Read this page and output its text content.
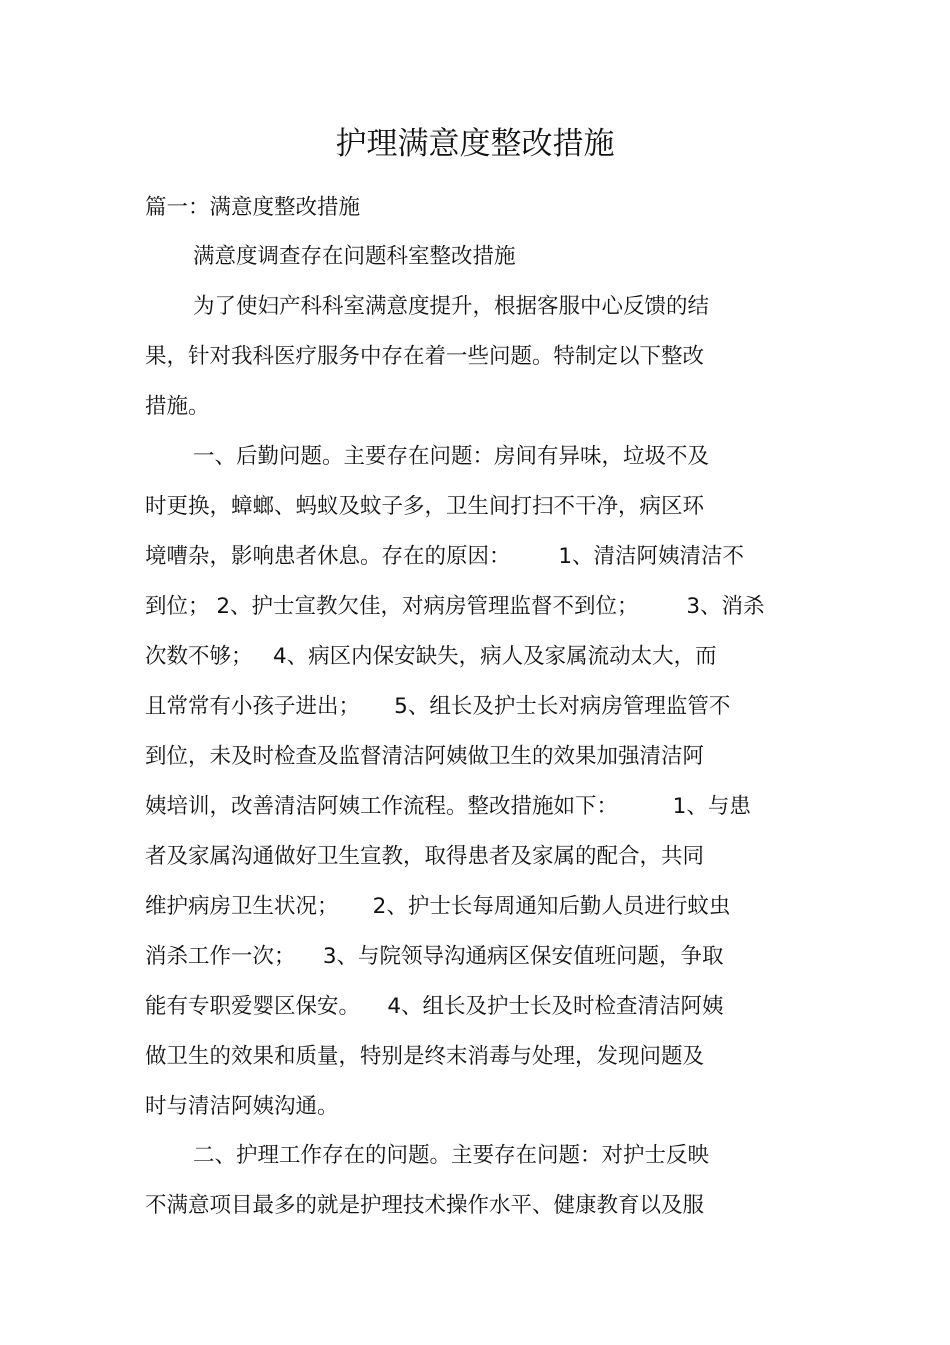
护理满意度整改措施
篇一：满意度整改措施
满意度调查存在问题科室整改措施
为了使妇产科科室满意度提升，根据客服中心反馈的结
果，针对我科医疗服务中存在着一些问题。特制定以下整改
措施。
一、后勤问题。主要存在问题：房间有异味，垃圾不及
时更换，蟑螂、蚂蚁及蚊子多，卫生间打扫不干净，病区环
境嘈杂，影响患者休息。存在的原因：       1、清洁阿姨清洁不
到位； 2、护士宣教欠佳，对病房管理监督不到位；       3、消杀
次数不够；   4、病区内保安缺失，病人及家属流动太大，而
且常常有小孩子进出；     5、组长及护士长对病房管理监管不
到位，未及时检查及监督清洁阿姨做卫生的效果加强清洁阿
姨培训，改善清洁阿姨工作流程。整改措施如下：        1、与患
者及家属沟通做好卫生宣教，取得患者及家属的配合，共同
维护病房卫生状况；     2、护士长每周通知后勤人员进行蚊虫
消杀工作一次；    3、与院领导沟通病区保安值班问题，争取
能有专职爱婴区保安。    4、组长及护士长及时检查清洁阿姨
做卫生的效果和质量，特别是终末消毒与处理，发现问题及
时与清洁阿姨沟通。
二、护理工作存在的问题。主要存在问题：对护士反映
不满意项目最多的就是护理技术操作水平、健康教育以及服
